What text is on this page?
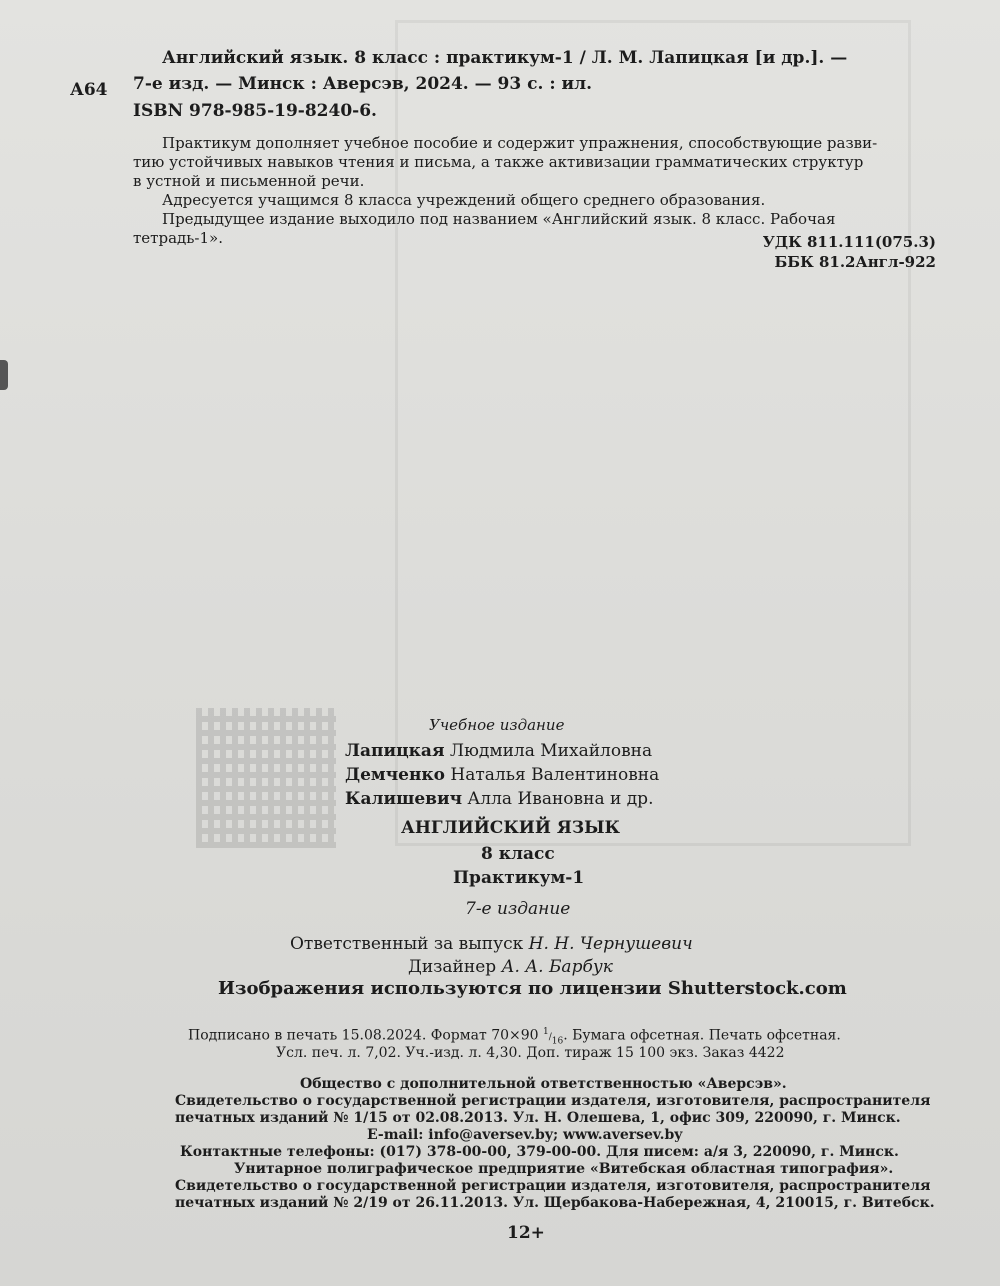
А64
Английский язык. 8 класс : практикум-1 / Л. М. Лапицкая [и др.]. —
7-е изд. — Минск : Аверсэв, 2024. — 93 с. : ил.
ISBN 978-985-19-8240-6.
Практикум дополняет учебное пособие и содержит упражнения, способствующие разви-
тию устойчивых навыков чтения и письма, а также активизации грамматических структур
в устной и письменной речи.
Адресуется учащимся 8 класса учреждений общего среднего образования.
Предыдущее издание выходило под названием «Английский язык. 8 класс. Рабочая
тетрадь-1».	УДК 811.111(075.3)
ББК 81.2Англ-922
Учебное издание
Лапицкая Людмила Михайловна
Демченко Наталья Валентиновна
Калишевич Алла Ивановна и др.
АНГЛИЙСКИЙ ЯЗЫК
8 класс
Практикум-1
7-е издание
Ответственный за выпуск Н. Н. Чернушевич
Дизайнер А. А. Барбук
Изображения используются по лицензии Shutterstock.com
Подписано в печать 15.08.2024. Формат 70×90 $^1/_{16}$. Бумага офсетная. Печать офсетная.
Усл. печ. л. 7,02. Уч.-изд. л. 4,30. Доп. тираж 15 100 экз. Заказ 4422
Общество с дополнительной ответственностью «Аверсэв».
Свидетельство о государственной регистрации издателя, изготовителя, распространителя
печатных изданий № 1/15 от 02.08.2013. Ул. Н. Олешева, 1, офис 309, 220090, г. Минск.
E-mail: info@aversev.by; www.aversev.by
Контактные телефоны: (017) 378-00-00, 379-00-00. Для писем: а/я 3, 220090, г. Минск.
Унитарное полиграфическое предприятие «Витебская областная типография».
Свидетельство о государственной регистрации издателя, изготовителя, распространителя
печатных изданий № 2/19 от 26.11.2013. Ул. Щербакова-Набережная, 4, 210015, г. Витебск.
12+
